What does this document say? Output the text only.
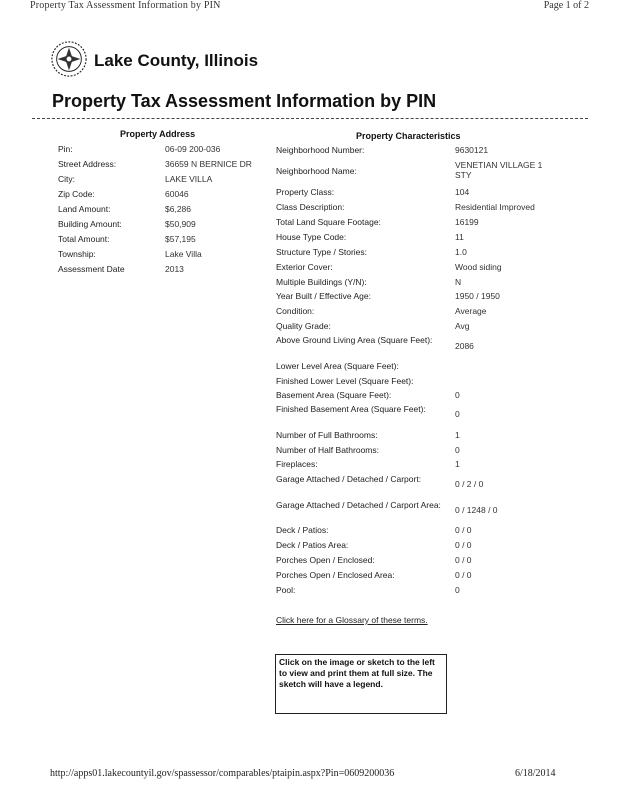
Property Tax Assessment Information by PIN	Page 1 of 2
Lake County, Illinois
Property Tax Assessment Information by PIN
Property Address	Property Characteristics
Pin:	06-09 200-036
Street Address:	36659 N BERNICE DR
City:	LAKE VILLA
Zip Code:	60046
Land Amount:	$6,286
Building Amount:	$50,909
Total Amount:	$57,195
Township:	Lake Villa
Assessment Date	2013
Neighborhood Number:	9630121
Neighborhood Name:
VENETIAN VILLAGE 1 STY
Property Class:	104
Class Description:	Residential Improved
Total Land Square Footage:	16199
House Type Code:	11
Structure Type / Stories:	1.0
Exterior Cover:	Wood siding
Multiple Buildings (Y/N):	N
Year Built / Effective Age:	1950 / 1950
Condition:	Average
Quality Grade:	Avg
Above Ground Living Area (Square Feet):
2086
Lower Level Area (Square Feet):
Finished Lower Level (Square Feet):
Basement Area (Square Feet):	0
Finished Basement Area (Square Feet):	0
Number of Full Bathrooms:	1
Number of Half Bathrooms:	0
Fireplaces:	1
Garage Attached / Detached / Carport:	0 / 2 / 0
Garage Attached / Detached / Carport Area:	0 / 1248 / 0
Deck / Patios:	0 / 0
Deck / Patios Area:	0 / 0
Porches Open / Enclosed:	0 / 0
Porches Open / Enclosed Area:	0 / 0
Pool:	0
Click here for a Glossary of these terms.
Click on the image or sketch to the left to view and print them at full size. The sketch will have a legend.
http://apps01.lakecountyil.gov/spassessor/comparables/ptaipin.aspx?Pin=0609200036	6/18/2014
